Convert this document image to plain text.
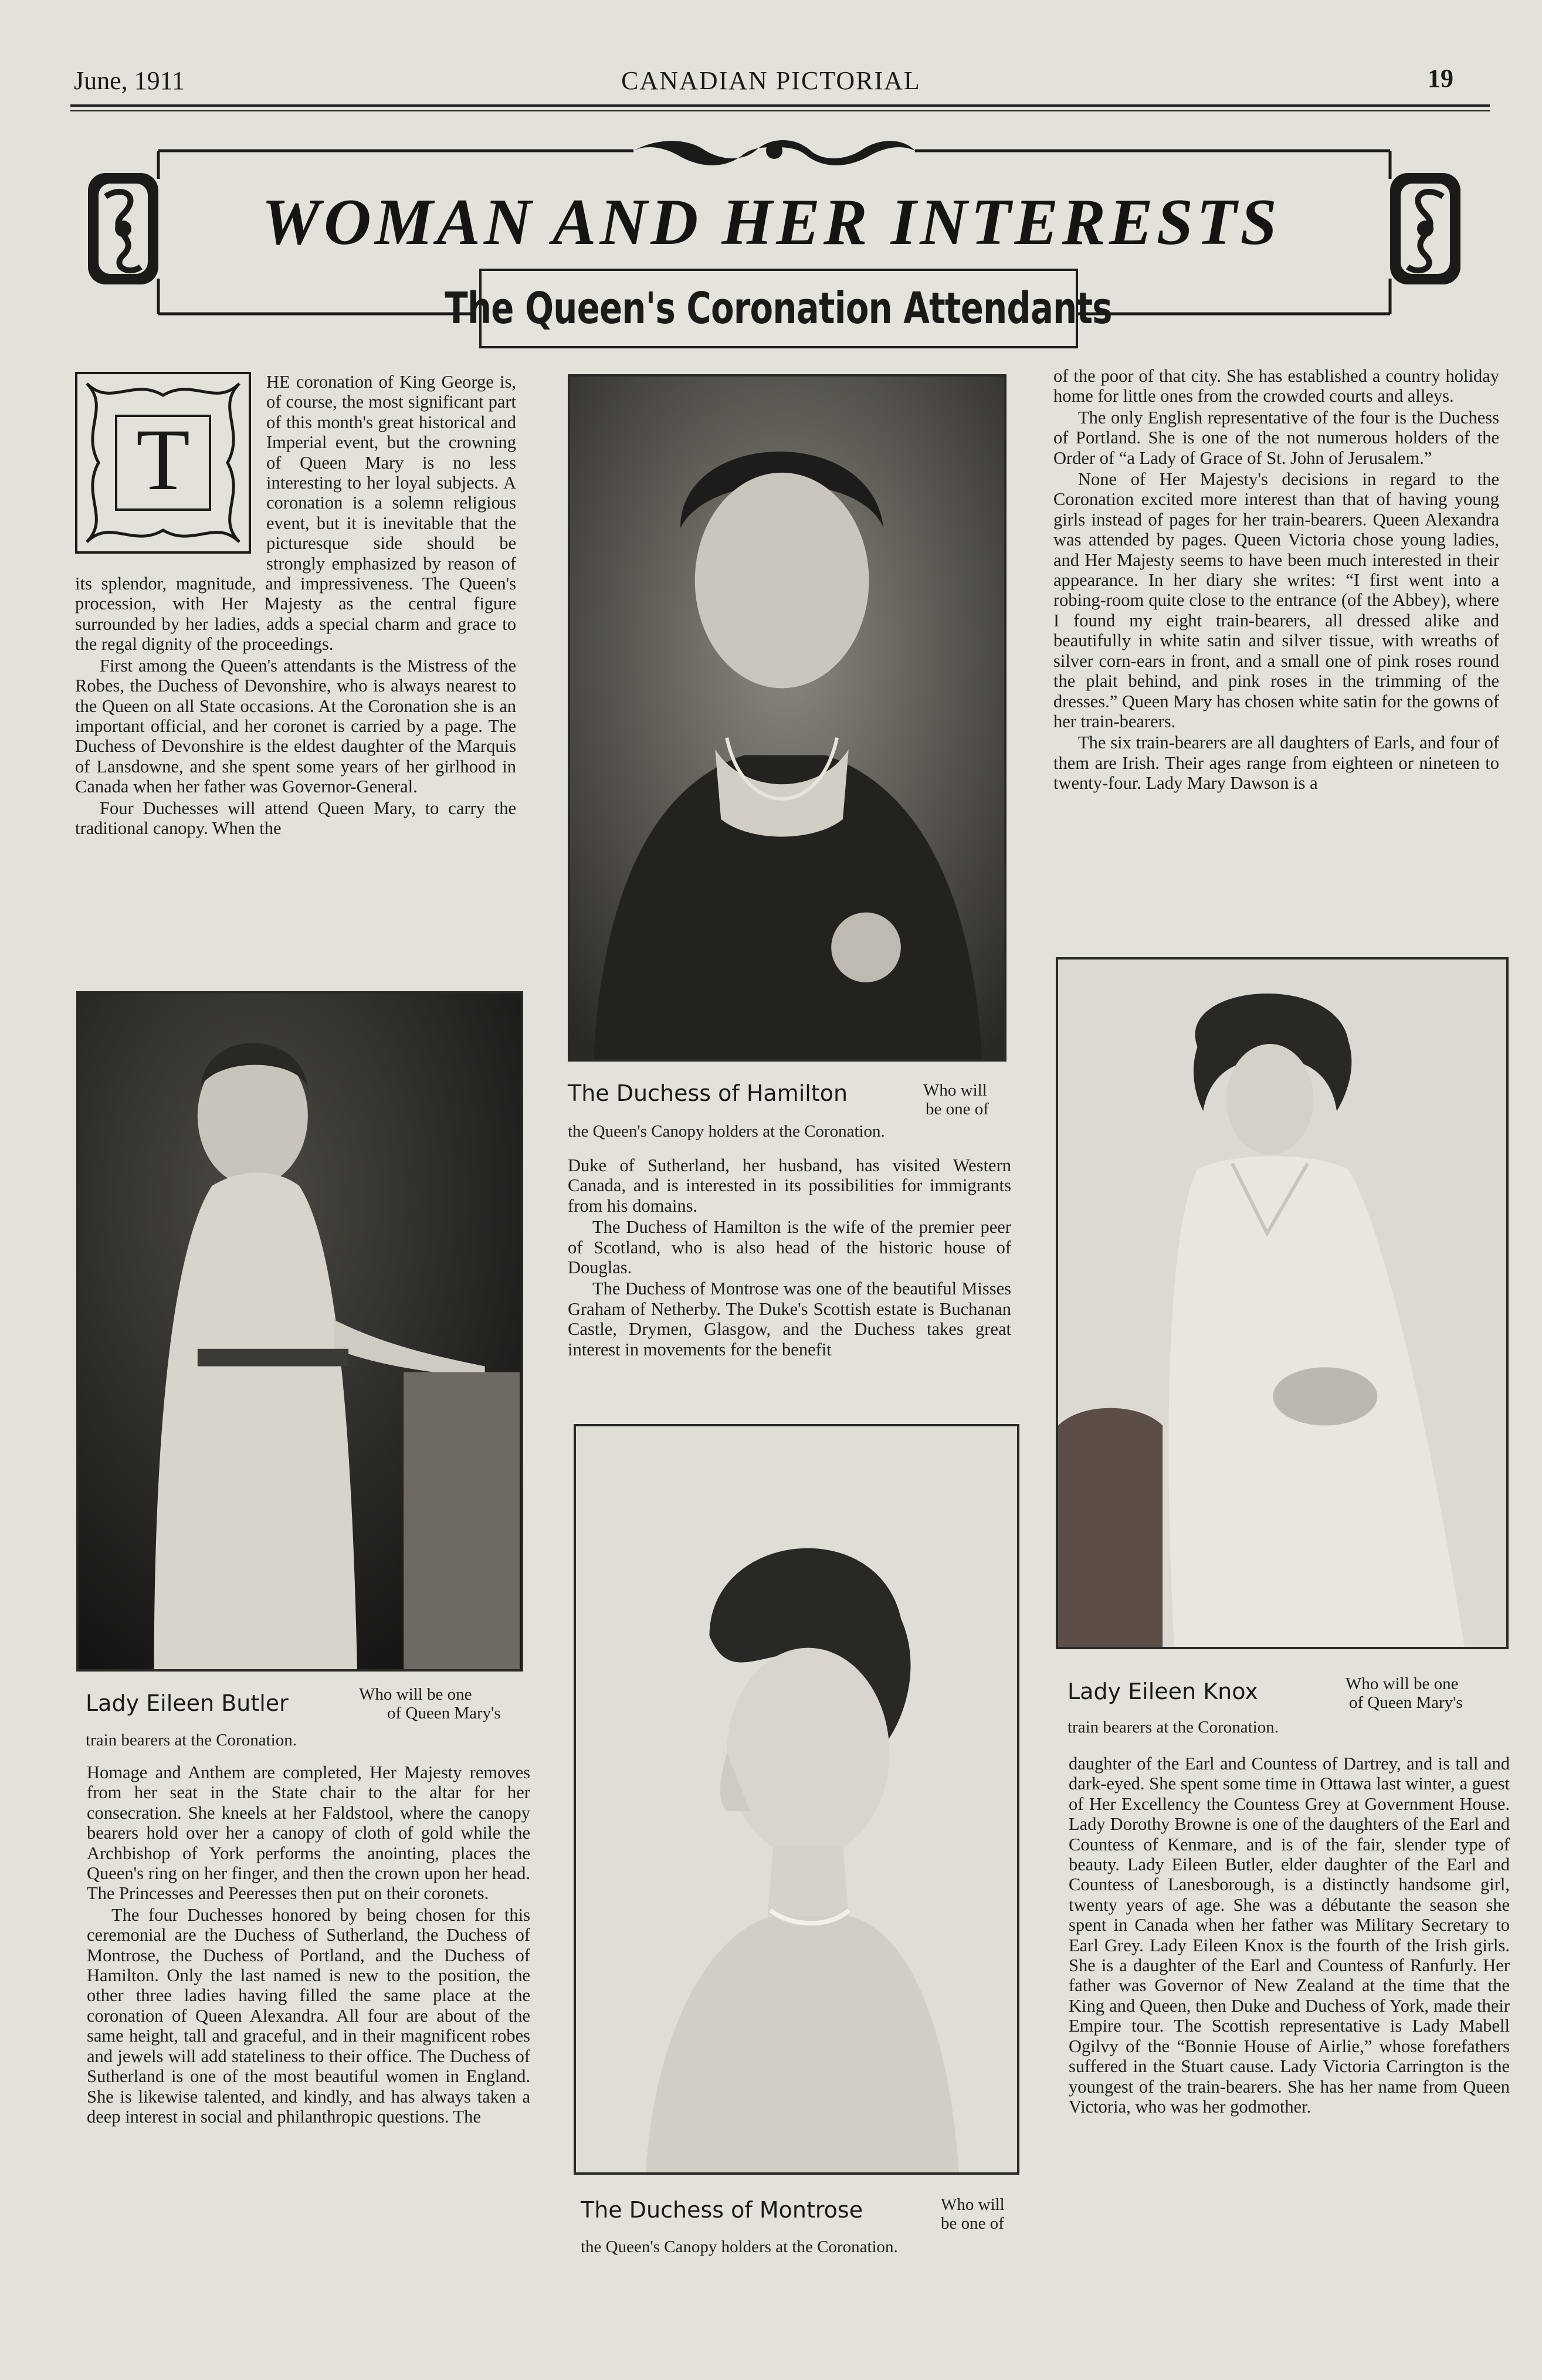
June, 1911	CANADIAN PICTORIAL	19
WOMAN AND HER INTERESTS
The Queen's Coronation Attendants
T

HE coronation of King George is, of course, the most significant part of this month's great historical and Imperial event, but the crowning of Queen Mary is no less interesting to her loyal subjects. A coronation is a solemn religious event, but it is inevitable that the picturesque side should be strongly emphasized by reason of its splendor, magnitude, and impressiveness. The Queen's procession, with Her Majesty as the central figure surrounded by her ladies, adds a special charm and grace to the regal dignity of the proceedings.

First among the Queen's attendants is the Mistress of the Robes, the Duchess of Devonshire, who is always nearest to the Queen on all State occasions. At the Coronation she is an important official, and her coronet is carried by a page. The Duchess of Devonshire is the eldest daughter of the Marquis of Lansdowne, and she spent some years of her girlhood in Canada when her father was Governor-General.

Four Duchesses will attend Queen Mary, to carry the traditional canopy. When the

Lady Eileen Butler	Who will be one
of Queen Mary's
train bearers at the Coronation.

Homage and Anthem are completed, Her Majesty removes from her seat in the State chair to the altar for her consecration. She kneels at her Faldstool, where the canopy bearers hold over her a canopy of cloth of gold while the Archbishop of York performs the anointing, places the Queen's ring on her finger, and then the crown upon her head. The Princesses and Peeresses then put on their coronets.

The four Duchesses honored by being chosen for this ceremonial are the Duchess of Sutherland, the Duchess of Montrose, the Duchess of Portland, and the Duchess of Hamilton. Only the last named is new to the position, the other three ladies having filled the same place at the coronation of Queen Alexandra. All four are about of the same height, tall and graceful, and in their magnificent robes and jewels will add stateliness to their office. The Duchess of Sutherland is one of the most beautiful women in England. She is likewise talented, and kindly, and has always taken a deep interest in social and philanthropic questions. The

The Duchess of Hamilton	Who will
be one of
the Queen's Canopy holders at the Coronation.

Duke of Sutherland, her husband, has visited Western Canada, and is interested in its possibilities for immigrants from his domains.

The Duchess of Hamilton is the wife of the premier peer of Scotland, who is also head of the historic house of Douglas.

The Duchess of Montrose was one of the beautiful Misses Graham of Netherby. The Duke's Scottish estate is Buchanan Castle, Drymen, Glasgow, and the Duchess takes great interest in movements for the benefit

The Duchess of Montrose	Who will
be one of
the Queen's Canopy holders at the Coronation.

of the poor of that city. She has established a country holiday home for little ones from the crowded courts and alleys.

The only English representative of the four is the Duchess of Portland. She is one of the not numerous holders of the Order of “a Lady of Grace of St. John of Jerusalem.”

None of Her Majesty's decisions in regard to the Coronation excited more interest than that of having young girls instead of pages for her train-bearers. Queen Alexandra was attended by pages. Queen Victoria chose young ladies, and Her Majesty seems to have been much interested in their appearance. In her diary she writes: “I first went into a robing-room quite close to the entrance (of the Abbey), where I found my eight train-bearers, all dressed alike and beautifully in white satin and silver tissue, with wreaths of silver corn-ears in front, and a small one of pink roses round the plait behind, and pink roses in the trimming of the dresses.” Queen Mary has chosen white satin for the gowns of her train-bearers.

The six train-bearers are all daughters of Earls, and four of them are Irish. Their ages range from eighteen or nineteen to twenty-four. Lady Mary Dawson is a

Lady Eileen Knox	Who will be one
of Queen Mary's
train bearers at the Coronation.

daughter of the Earl and Countess of Dartrey, and is tall and dark-eyed. She spent some time in Ottawa last winter, a guest of Her Excellency the Countess Grey at Government House. Lady Dorothy Browne is one of the daughters of the Earl and Countess of Kenmare, and is of the fair, slender type of beauty. Lady Eileen Butler, elder daughter of the Earl and Countess of Lanesborough, is a distinctly handsome girl, twenty years of age. She was a débutante the season she spent in Canada when her father was Military Secretary to Earl Grey. Lady Eileen Knox is the fourth of the Irish girls. She is a daughter of the Earl and Countess of Ranfurly. Her father was Governor of New Zealand at the time that the King and Queen, then Duke and Duchess of York, made their Empire tour. The Scottish representative is Lady Mabell Ogilvy of the “Bonnie House of Airlie,” whose forefathers suffered in the Stuart cause. Lady Victoria Carrington is the youngest of the train-bearers. She has her name from Queen Victoria, who was her godmother.
